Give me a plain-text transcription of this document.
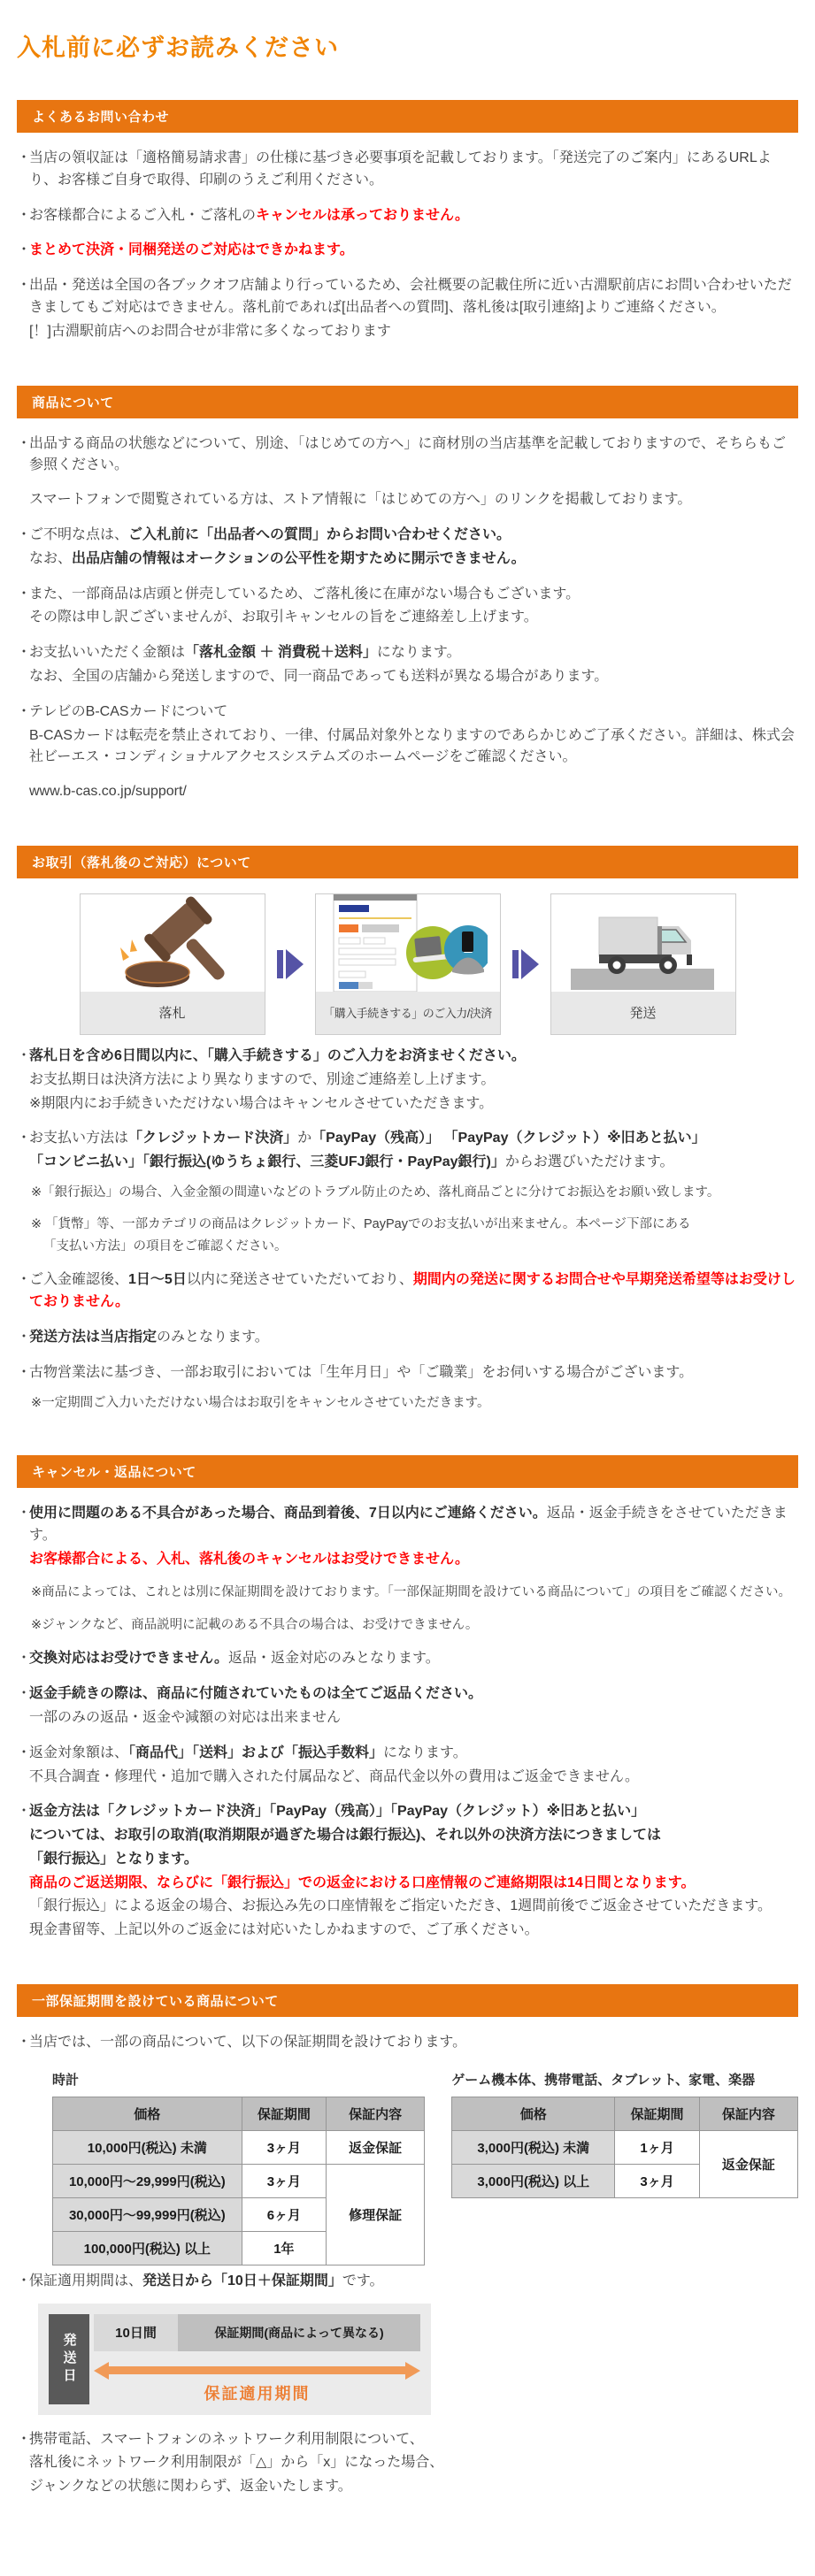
入札前に必ずお読みください
よくあるお問い合わせ
・当店の領収証は「適格簡易請求書」の仕様に基づき必要事項を記載しております。「発送完了のご案内」にあるURLより、お客様ご自身で取得、印刷のうえご利用ください。
・お客様都合によるご入札・ご落札のキャンセルは承っておりません。
・まとめて決済・同梱発送のご対応はできかねます。
・出品・発送は全国の各ブックオフ店舗より行っているため、会社概要の記載住所に近い古淵駅前店にお問い合わせいただきましてもご対応はできません。落札前であれば[出品者への質問]、落札後は[取引連絡]よりご連絡ください。
[！]古淵駅前店へのお問合せが非常に多くなっております
商品について
・出品する商品の状態などについて、別途、「はじめての方へ」に商材別の当店基準を記載しておりますので、そちらもご参照ください。
スマートフォンで閲覧されている方は、ストア情報に「はじめての方へ」のリンクを掲載しております。
・ご不明な点は、ご入札前に「出品者への質問」からお問い合わせください。
なお、出品店舗の情報はオークションの公平性を期すために開示できません。
・また、一部商品は店頭と併売しているため、ご落札後に在庫がない場合もございます。
その際は申し訳ございませんが、お取引キャンセルの旨をご連絡差し上げます。
・お支払いいただく金額は「落札金額 ＋ 消費税＋送料」になります。
なお、全国の店舗から発送しますので、同一商品であっても送料が異なる場合があります。
・テレビのB-CASカードについて
B-CASカードは転売を禁止されており、一律、付属品対象外となりますのであらかじめご了承ください。詳細は、株式会社ビーエス・コンディショナルアクセスシステムズのホームページをご確認ください。
www.b-cas.co.jp/support/
お取引（落札後のご対応）について
落札	「購入手続きする」のご入力/決済	発送
・落札日を含め6日間以内に、「購入手続きする」のご入力をお済ませください。
お支払期日は決済方法により異なりますので、別途ご連絡差し上げます。
※期限内にお手続きいただけない場合はキャンセルさせていただきます。
・お支払い方法は「クレジットカード決済」か「PayPay（残高）」 「PayPay（クレジット）※旧あと払い」
「コンビニ払い」「銀行振込(ゆうちょ銀行、三菱UFJ銀行・PayPay銀行)」からお選びいただけます。
※「銀行振込」の場合、入金金額の間違いなどのトラブル防止のため、落札商品ごとに分けてお振込をお願い致します。
※ 「貨幣」等、一部カテゴリの商品はクレジットカード、PayPayでのお支払いが出来ません。本ページ下部にある
「支払い方法」の項目をご確認ください。
・ご入金確認後、1日～5日以内に発送させていただいており、期間内の発送に関するお問合せや早期発送希望等はお受けしておりません。
・発送方法は当店指定のみとなります。
・古物営業法に基づき、一部お取引においては「生年月日」や「ご職業」をお伺いする場合がございます。
※一定期間ご入力いただけない場合はお取引をキャンセルさせていただきます。
キャンセル・返品について
・使用に問題のある不具合があった場合、商品到着後、7日以内にご連絡ください。返品・返金手続きをさせていただきます。
お客様都合による、入札、落札後のキャンセルはお受けできません。
※商品によっては、これとは別に保証期間を設けております。「一部保証期間を設けている商品について」の項目をご確認ください。
※ジャンクなど、商品説明に記載のある不具合の場合は、お受けできません。
・交換対応はお受けできません。返品・返金対応のみとなります。
・返金手続きの際は、商品に付随されていたものは全てご返品ください。
一部のみの返品・返金や減額の対応は出来ません
・返金対象額は、「商品代」「送料」および「振込手数料」になります。
不具合調査・修理代・追加で購入された付属品など、商品代金以外の費用はご返金できません。
・返金方法は「クレジットカード決済」「PayPay（残高）」「PayPay（クレジット）※旧あと払い」
については、お取引の取消(取消期限が過ぎた場合は銀行振込)、それ以外の決済方法につきましては
「銀行振込」となります。
商品のご返送期限、ならびに「銀行振込」での返金における口座情報のご連絡期限は14日間となります。
「銀行振込」による返金の場合、お振込み先の口座情報をご指定いただき、1週間前後でご返金させていただきます。
現金書留等、上記以外のご返金には対応いたしかねますので、ご了承ください。
一部保証期間を設けている商品について
・当店では、一部の商品について、以下の保証期間を設けております。
時計
価格	保証期間	保証内容
10,000円(税込) 未満	3ヶ月	返金保証
10,000円～29,999円(税込)	3ヶ月	修理保証
30,000円～99,999円(税込)	6ヶ月	
100,000円(税込) 以上	1年	
ゲーム機本体、携帯電話、タブレット、家電、楽器
価格	保証期間	保証内容
3,000円(税込) 未満	1ヶ月	返金保証
3,000円(税込) 以上	3ヶ月	
・保証適用期間は、発送日から「10日＋保証期間」です。
発送日	10日間	保証期間(商品によって異なる)
保証適用期間
・携帯電話、スマートフォンのネットワーク利用制限について、
落札後にネットワーク利用制限が「△」から「x」になった場合、
ジャンクなどの状態に関わらず、返金いたします。
